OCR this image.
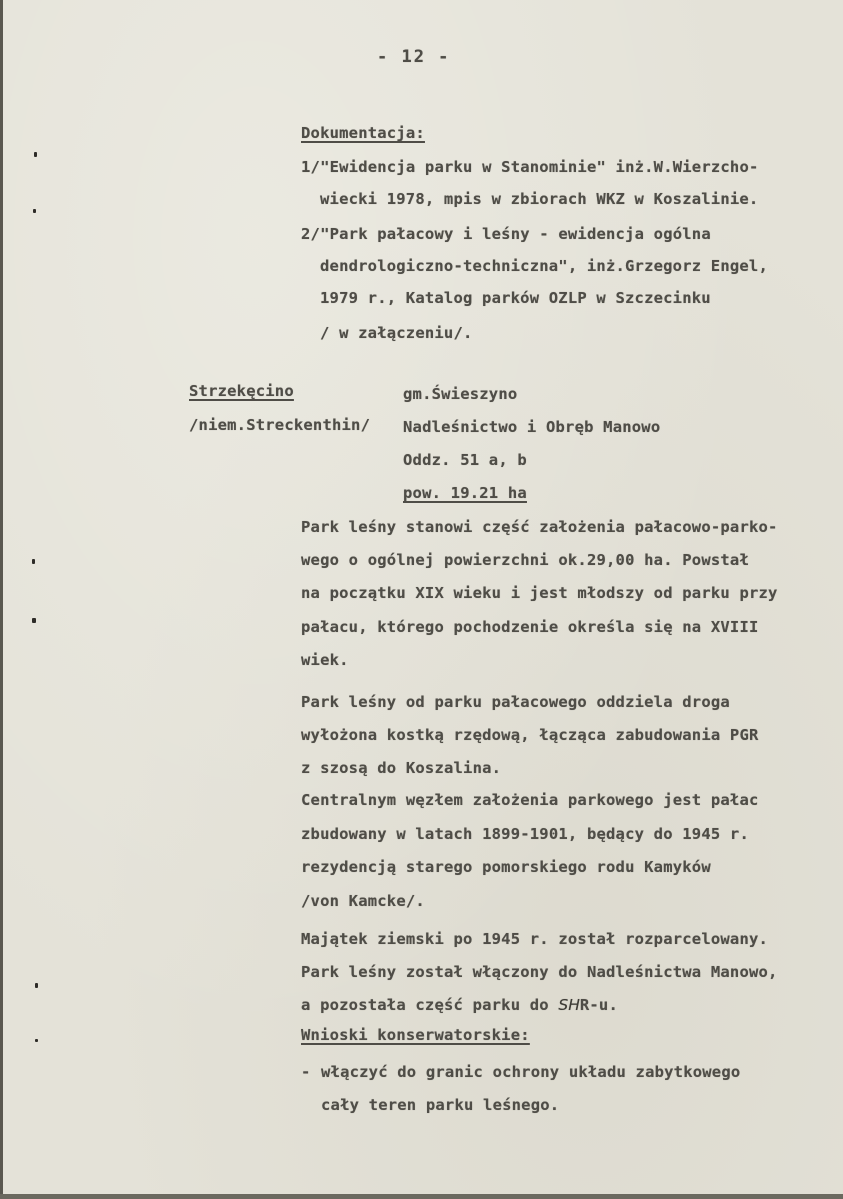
- 12 -
Dokumentacja:
1/"Ewidencja parku w Stanominie" inż.W.Wierzcho-
wiecki 1978, mpis w zbiorach WKZ w Koszalinie.
2/"Park pałacowy i leśny - ewidencja ogólna
dendrologiczno-techniczna", inż.Grzegorz Engel,
1979 r., Katalog parków OZLP w Szczecinku
/ w załączeniu/.
Strzekęcino
/niem.Streckenthin/
gm.Świeszyno
Nadleśnictwo i Obręb Manowo
Oddz. 51 a, b
pow. 19.21 ha
Park leśny stanowi część założenia pałacowo-parko-
wego o ogólnej powierzchni ok.29,00 ha. Powstał
na początku XIX wieku i jest młodszy od parku przy
pałacu, którego pochodzenie określa się na XVIII
wiek.
Park leśny od parku pałacowego oddziela droga
wyłożona kostką rzędową, łącząca zabudowania PGR
z szosą do Koszalina.
Centralnym węzłem założenia parkowego jest pałac
zbudowany w latach 1899-1901, będący do 1945 r.
rezydencją starego pomorskiego rodu Kamyków
/von Kamcke/.
Majątek ziemski po 1945 r. został rozparcelowany.
Park leśny został włączony do Nadleśnictwa Manowo,
a pozostała część parku do SHR-u.
Wnioski konserwatorskie:
- włączyć do granic ochrony układu zabytkowego
cały teren parku leśnego.
